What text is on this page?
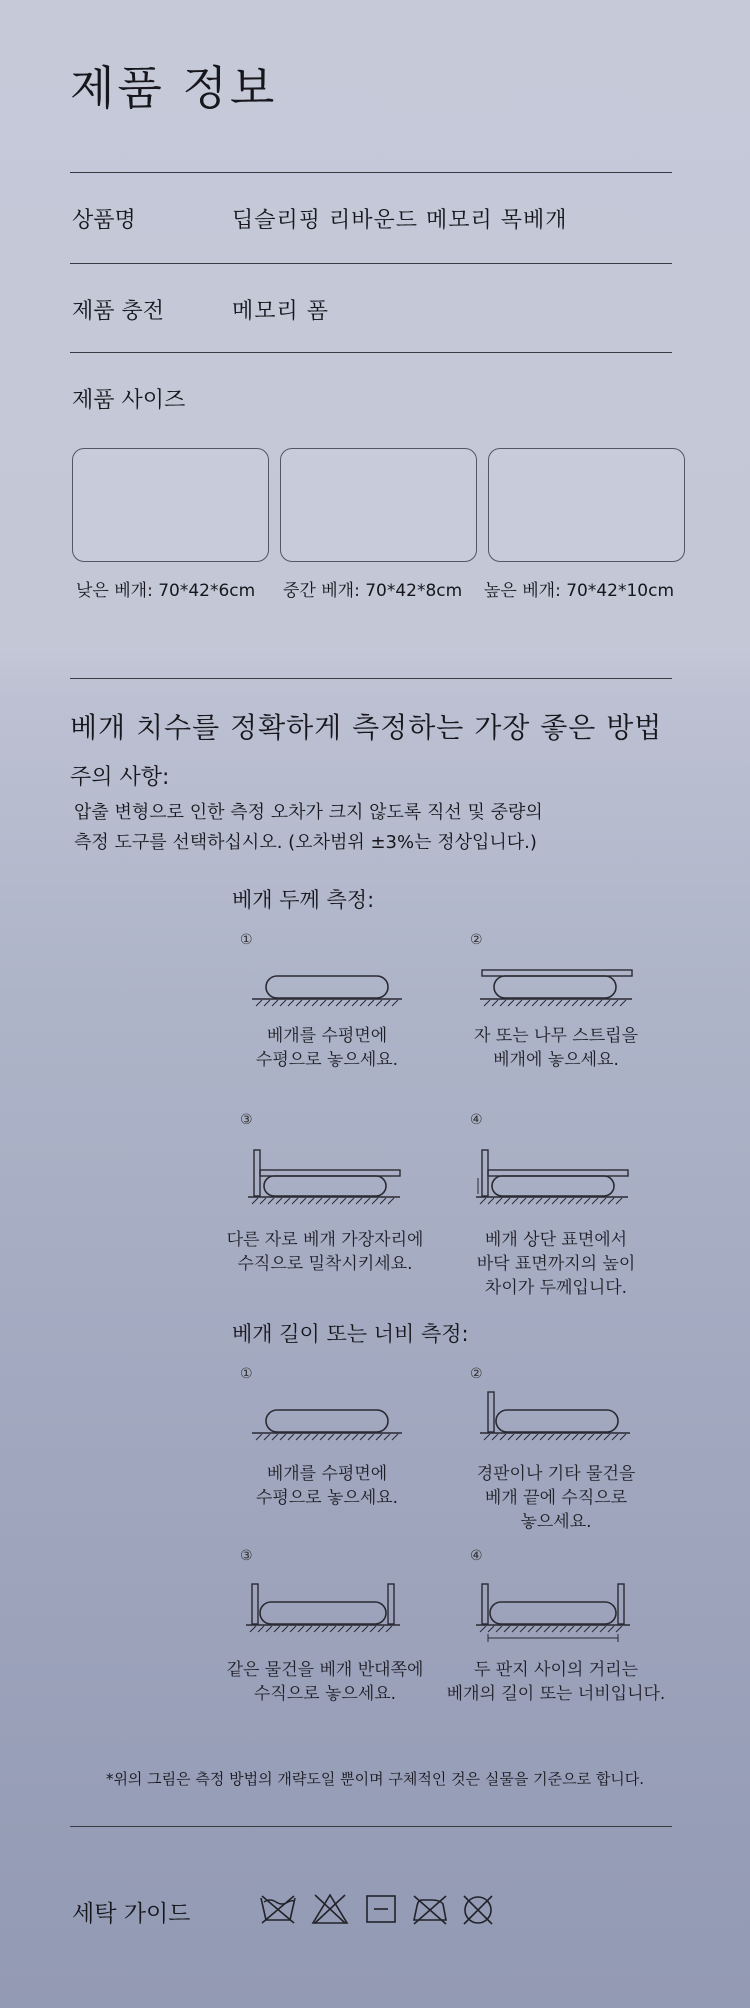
제품 정보
상품명	딥슬리핑 리바운드 메모리 목베개
제품 충전	메모리 폼
제품 사이즈
낮은 베개: 70*42*6cm 중간 베개: 70*42*8cm 높은 베개: 70*42*10cm
베개 치수를 정확하게 측정하는 가장 좋은 방법
주의 사항:
압출 변형으로 인한 측정 오차가 크지 않도록 직선 및 중량의
측정 도구를 선택하십시오. (오차범위 ±3%는 정상입니다.)
베개 두께 측정:
①
베개를 수평면에
수평으로 놓으세요.
②
자 또는 나무 스트립을
베개에 놓으세요.
③
다른 자로 베개 가장자리에
수직으로 밀착시키세요.
④
베개 상단 표면에서
바닥 표면까지의 높이
차이가 두께입니다.
베개 길이 또는 너비 측정:
①
베개를 수평면에
수평으로 놓으세요.
②
경판이나 기타 물건을
베개 끝에 수직으로
놓으세요.
③
같은 물건을 베개 반대쪽에
수직으로 놓으세요.
④
두 판지 사이의 거리는
베개의 길이 또는 너비입니다.
*위의 그림은 측정 방법의 개략도일 뿐이며 구체적인 것은 실물을 기준으로 합니다.
세탁 가이드
